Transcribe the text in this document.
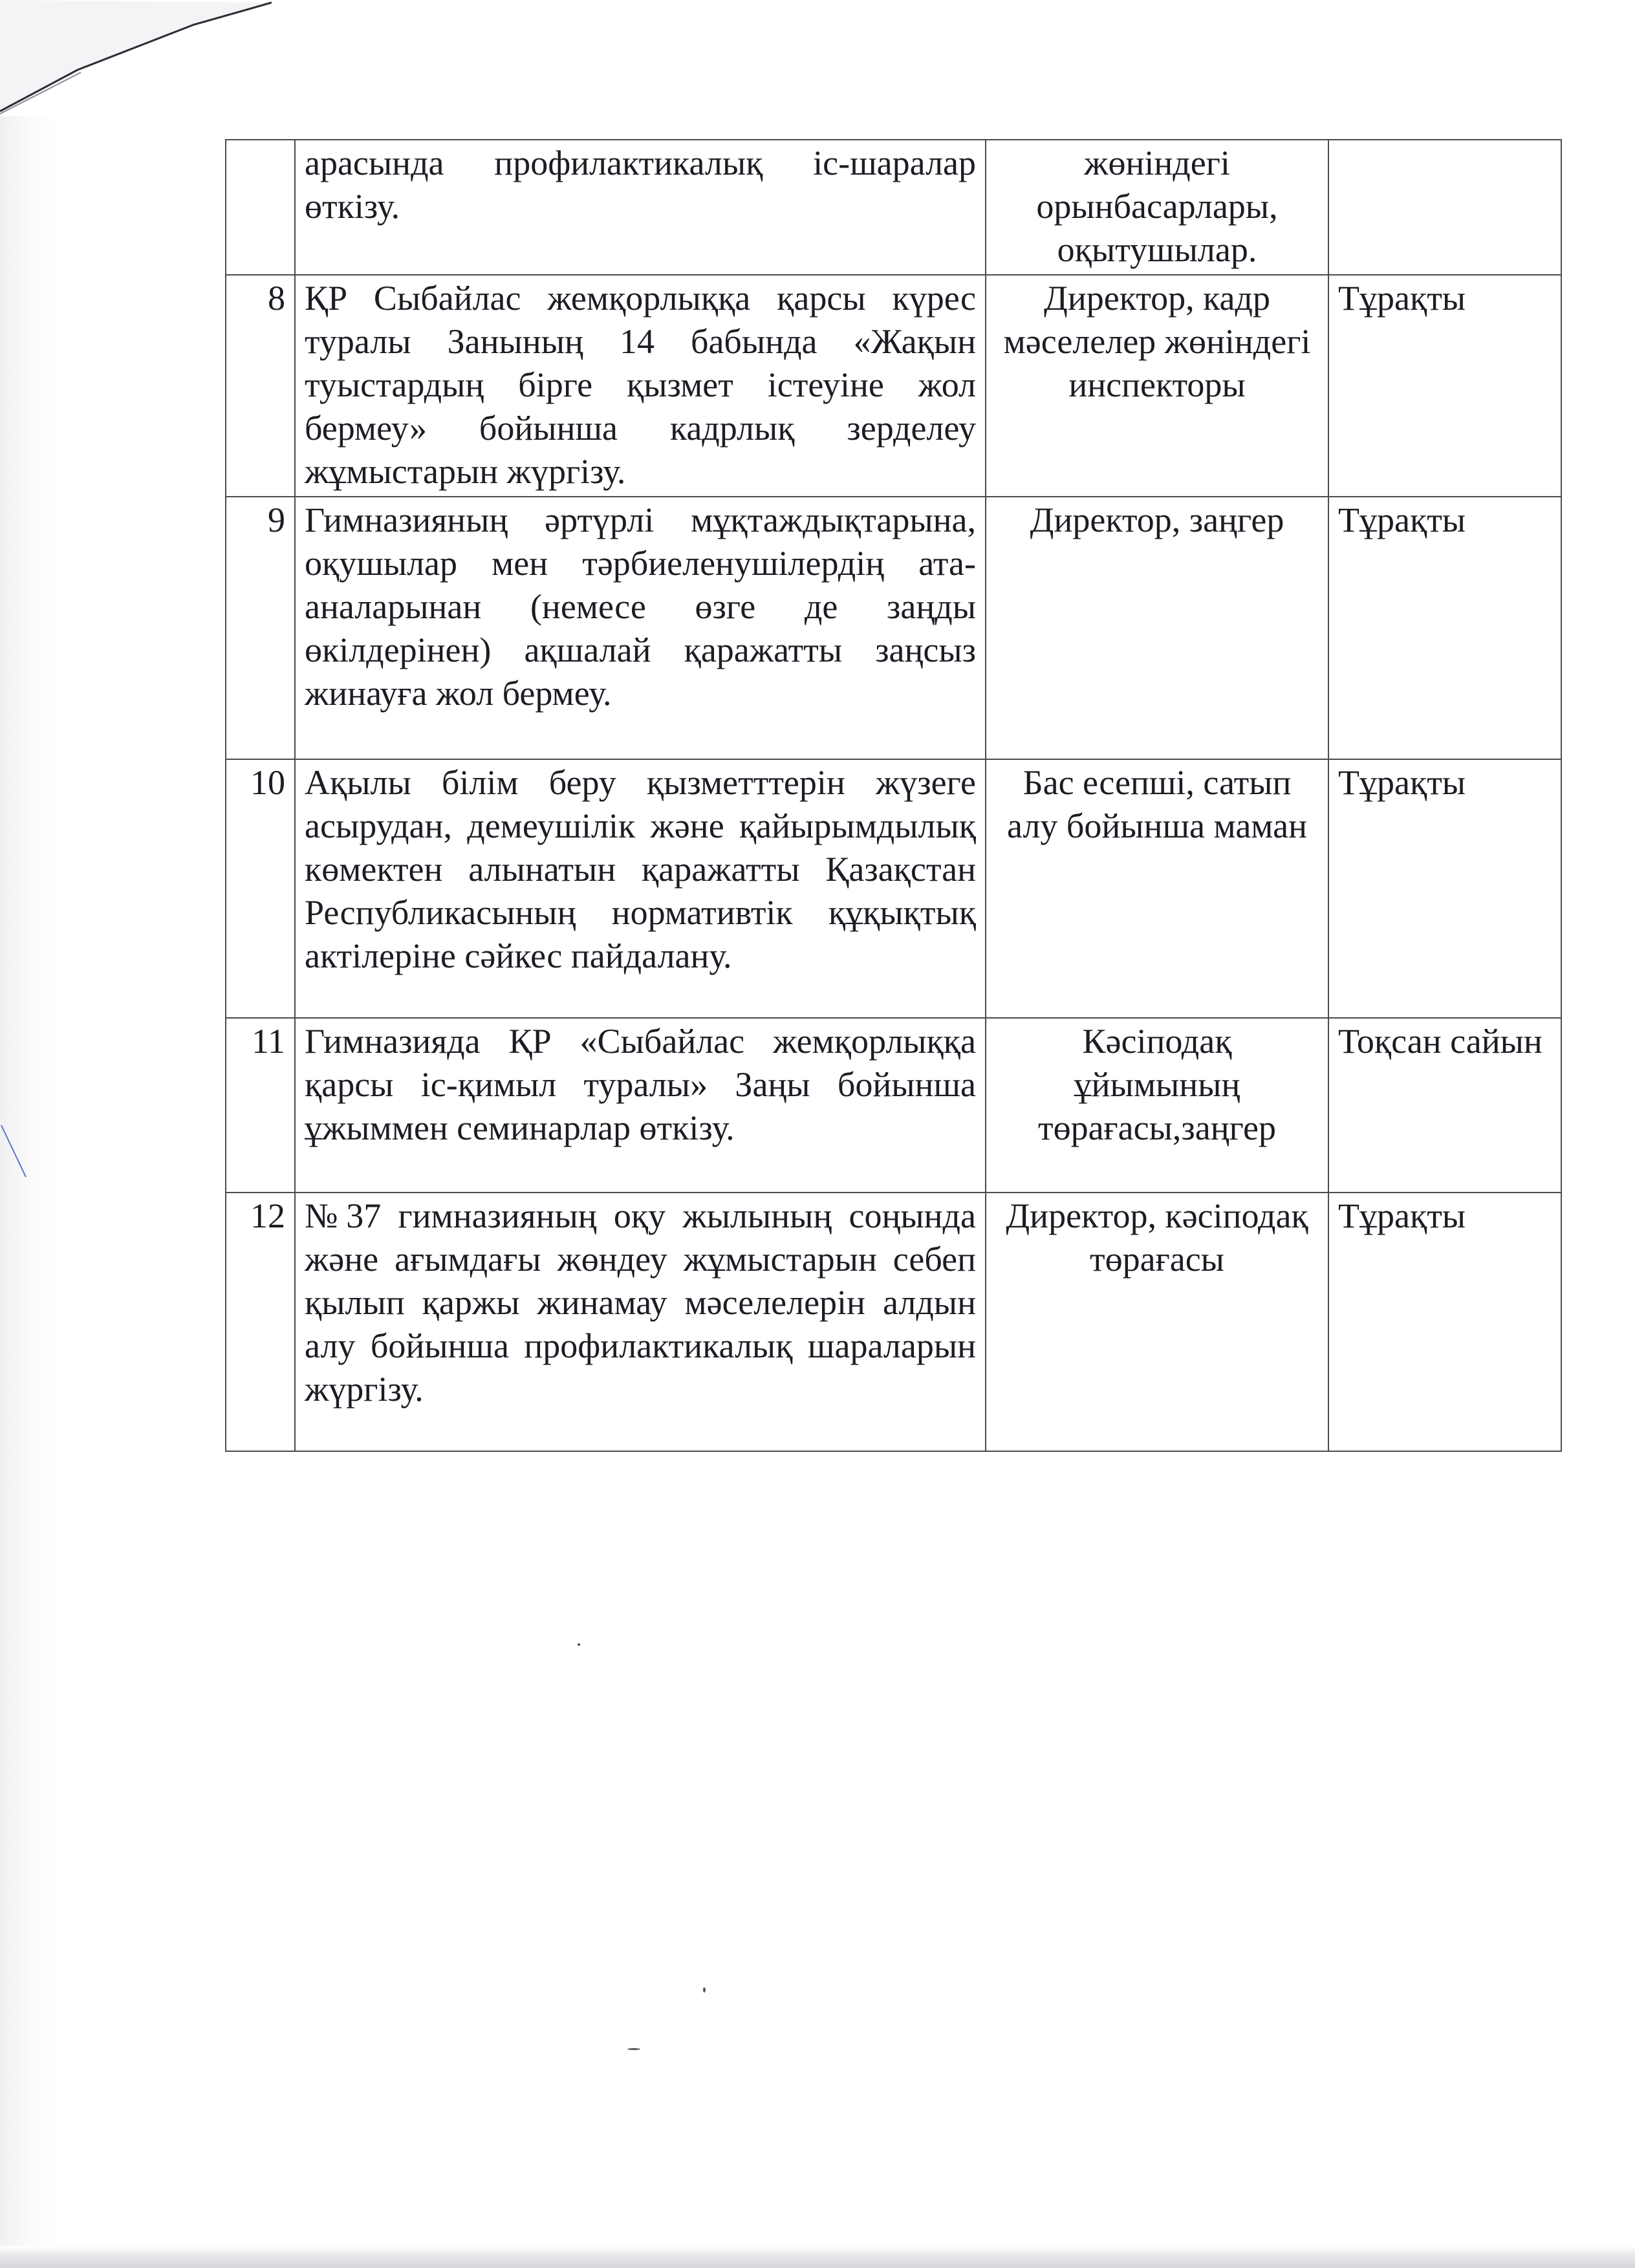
	арасында профилактикалық іс-шаралар өткізу.	жөніндегі орынбасарлары, оқытушылар.	
8	ҚР Сыбайлас жемқорлыққа қарсы күрес туралы Занының 14 бабында «Жақын туыстардың бірге қызмет істеуіне жол бермеу» бойынша кадрлық зерделеу жұмыстарын жүргізу.	Директор, кадр мәселелер жөніндегі инспекторы	Тұрақты
9	Гимназияның әртүрлі мұқтаждықтарына, оқушылар мен тәрбиеленушілердің ата-аналарынан (немесе өзге де заңды өкілдерінен) ақшалай қаражатты заңсыз жинауға жол бермеу.	Директор, заңгер	Тұрақты
10	Ақылы білім беру қызметттерін жүзеге асырудан, демеушілік және қайырымдылық көмектен алынатын қаражатты Қазақстан Республикасының нормативтік құқықтық актілеріне сәйкес пайдалану.	Бас есепші, сатып алу бойынша маман	Тұрақты
11	Гимназияда ҚР «Сыбайлас жемқорлыққа қарсы іс-қимыл туралы» Заңы бойынша ұжыммен семинарлар өткізу.	Кәсіподақ ұйымының төрағасы,заңгер	Тоқсан сайын
12	№37 гимназияның оқу жылының соңында және ағымдағы жөндеу жұмыстарын себеп қылып қаржы жинамау мәселелерін алдын алу бойынша профилактикалық шараларын жүргізу.	Директор, кәсіподақ төрағасы	Тұрақты
